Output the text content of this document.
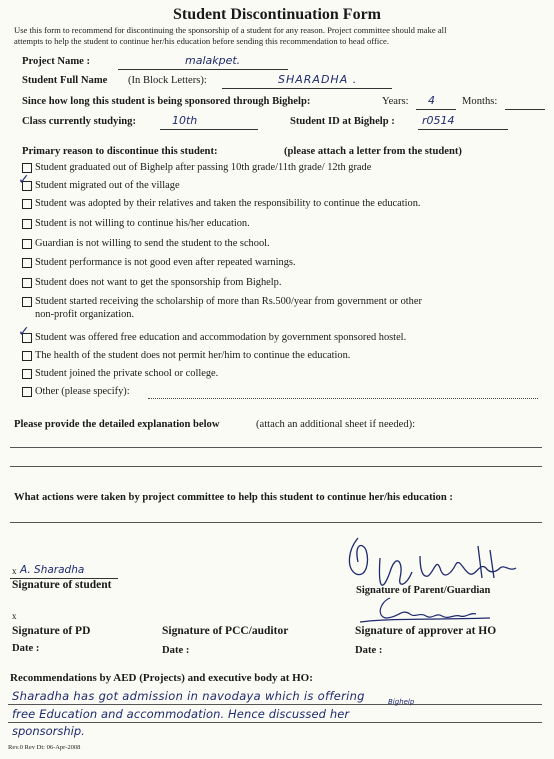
Student Discontinuation Form
Use this form to recommend for discontinuing the sponsorship of a student for any reason. Project committee should make all
attempts to help the student to continue her/his education before sending this recommendation to head office.
Project Name :	malakpet.
Student Full Name (In Block Letters):	SHARADHA .
Since how long this student is being sponsored through Bighelp:	Years: 4	Months:
Class currently studying:	10th	Student ID at Bighelp : r0514
Primary reason to discontinue this student:	(please attach a letter from the student)
Student graduated out of Bighelp after passing 10th grade/11th grade/ 12th grade
✓ Student migrated out of the village
Student was adopted by their relatives and taken the responsibility to continue the education.
Student is not willing to continue his/her education.
Guardian is not willing to send the student to the school.
Student performance is not good even after repeated warnings.
Student does not want to get the sponsorship from Bighelp.
Student started receiving the scholarship of more than Rs.500/year from government or other
non-profit organization.
✓ Student was offered free education and accommodation by government sponsored hostel.
The health of the student does not permit her/him to continue the education.
Student joined the private school or college.
Other (please specify):
Please provide the detailed explanation below	(attach an additional sheet if needed):
What actions were taken by project committee to help this student to continue her/his education :
x A. Sharadha
Signature of student	Signature of Parent/Guardian
x
Signature of PD	Signature of PCC/auditor	Signature of approver at HO
Date :	Date :	Date :
Recommendations by AED (Projects) and executive body at HO:
Sharadha has got admission in navodaya which is offering
free Education and accommodation. Hence discussed her
Bighelp
sponsorship.
Rev.0 Rev Dt: 06-Apr-2008
